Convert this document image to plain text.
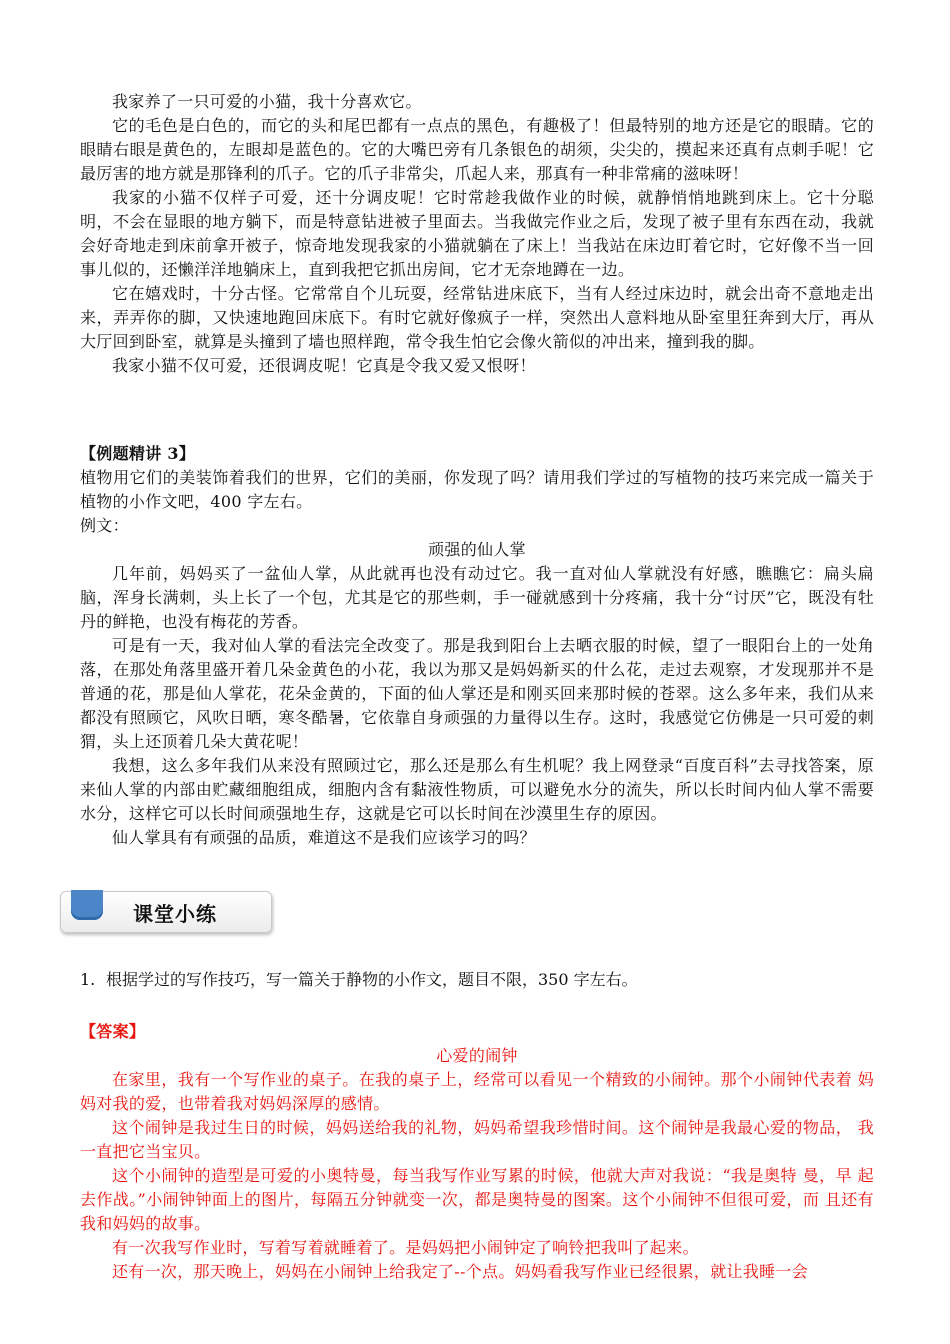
我家养了一只可爱的小猫，我十分喜欢它。

它的毛色是白色的，而它的头和尾巴都有一点点的黑色，有趣极了！但最特别的地方还是它的眼睛。它的眼睛右眼是黄色的，左眼却是蓝色的。它的大嘴巴旁有几条银色的胡须，尖尖的，摸起来还真有点刺手呢！它最厉害的地方就是那锋利的爪子。它的爪子非常尖，爪起人来，那真有一种非常痛的滋味呀！

我家的小猫不仅样子可爱，还十分调皮呢！它时常趁我做作业的时候，就静悄悄地跳到床上。它十分聪明，不会在显眼的地方躺下，而是特意钻进被子里面去。当我做完作业之后，发现了被子里有东西在动，我就会好奇地走到床前拿开被子，惊奇地发现我家的小猫就躺在了床上！当我站在床边盯着它时，它好像不当一回事儿似的，还懒洋洋地躺床上，直到我把它抓出房间，它才无奈地蹲在一边。

它在嬉戏时，十分古怪。它常常自个儿玩耍，经常钻进床底下，当有人经过床边时，就会出奇不意地走出来，弄弄你的脚，又快速地跑回床底下。有时它就好像疯子一样，突然出人意料地从卧室里狂奔到大厅，再从大厅回到卧室，就算是头撞到了墙也照样跑，常令我生怕它会像火箭似的冲出来，撞到我的脚。

我家小猫不仅可爱，还很调皮呢！它真是令我又爱又恨呀！

【例题精讲 3】

植物用它们的美装饰着我们的世界，它们的美丽，你发现了吗？请用我们学过的写植物的技巧来完成一篇关于植物的小作文吧，400 字左右。

例文：

顽强的仙人掌

几年前，妈妈买了一盆仙人掌，从此就再也没有动过它。我一直对仙人掌就没有好感，瞧瞧它：扁头扁脑，浑身长满刺，头上长了一个包，尤其是它的那些刺，手一碰就感到十分疼痛，我十分“讨厌”它，既没有牡丹的鲜艳，也没有梅花的芳香。

可是有一天，我对仙人掌的看法完全改变了。那是我到阳台上去晒衣服的时候，望了一眼阳台上的一处角落，在那处角落里盛开着几朵金黄色的小花，我以为那又是妈妈新买的什么花，走过去观察，才发现那并不是普通的花，那是仙人掌花，花朵金黄的，下面的仙人掌还是和刚买回来那时候的苍翠。这么多年来，我们从来都没有照顾它，风吹日晒，寒冬酷暑，它依靠自身顽强的力量得以生存。这时，我感觉它仿佛是一只可爱的刺猬，头上还顶着几朵大黄花呢！

我想，这么多年我们从来没有照顾过它，那么还是那么有生机呢？我上网登录“百度百科”去寻找答案，原来仙人掌的内部由贮藏细胞组成，细胞内含有黏液性物质，可以避免水分的流失，所以长时间内仙人掌不需要水分，这样它可以长时间顽强地生存，这就是它可以长时间在沙漠里生存的原因。

仙人掌具有有顽强的品质，难道这不是我们应该学习的吗？

课堂小练
1. 根据学过的写作技巧，写一篇关于静物的小作文，题目不限，350 字左右。

【答案】

心爱的闹钟

在家里，我有一个写作业的桌子。在我的桌子上，经常可以看见一个精致的小闹钟。那个小闹钟代表着 妈妈对我的爱，也带着我对妈妈深厚的感情。

这个闹钟是我过生日的时候，妈妈送给我的礼物，妈妈希望我珍惜时间。这个闹钟是我最心爱的物品， 我一直把它当宝贝。

这个小闹钟的造型是可爱的小奥特曼，每当我写作业写累的时候，他就大声对我说：“我是奥特 曼，早 起去作战。”小闹钟钟面上的图片，每隔五分钟就变一次，都是奥特曼的图案。这个小闹钟不但很可爱，而 且还有我和妈妈的故事。

有一次我写作业时，写着写着就睡着了。是妈妈把小闹钟定了响铃把我叫了起来。

还有一次，那天晚上，妈妈在小闹钟上给我定了--个点。妈妈看我写作业已经很累，就让我睡一会
